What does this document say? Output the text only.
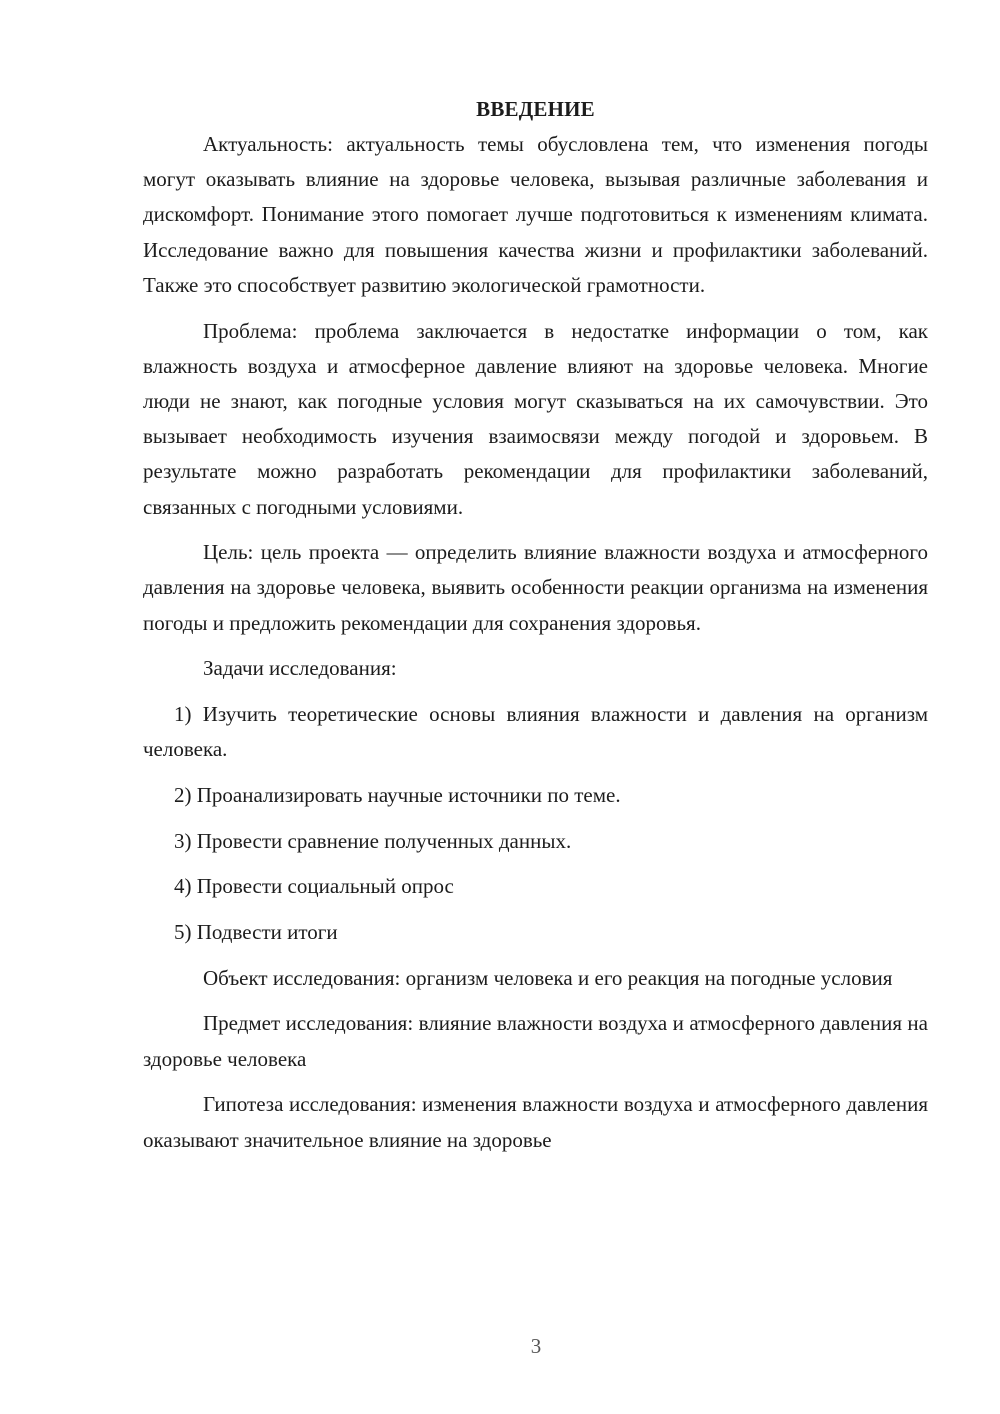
ВВЕДЕНИЕ

Актуальность: актуальность темы обусловлена тем, что изменения погоды могут оказывать влияние на здоровье человека, вызывая различные заболевания и дискомфорт. Понимание этого помогает лучше подготовиться к изменениям климата. Исследование важно для повышения качества жизни и профилактики заболеваний. Также это способствует развитию экологической грамотности.

Проблема: проблема заключается в недостатке информации о том, как влажность воздуха и атмосферное давление влияют на здоровье человека. Многие люди не знают, как погодные условия могут сказываться на их самочувствии. Это вызывает необходимость изучения взаимосвязи между погодой и здоровьем. В результате можно разработать рекомендации для профилактики заболеваний, связанных с погодными условиями.

Цель: цель проекта — определить влияние влажности воздуха и атмосферного давления на здоровье человека, выявить особенности реакции организма на изменения погоды и предложить рекомендации для сохранения здоровья.

Задачи исследования:

1) Изучить теоретические основы влияния влажности и давления на организм человека.

2) Проанализировать научные источники по теме.

3) Провести сравнение полученных данных.

4) Провести социальный опрос

5) Подвести итоги

Объект исследования: организм человека и его реакция на погодные условия

Предмет исследования: влияние влажности воздуха и атмосферного давления на здоровье человека

Гипотеза исследования: изменения влажности воздуха и атмосферного давления оказывают значительное влияние на здоровье

3
